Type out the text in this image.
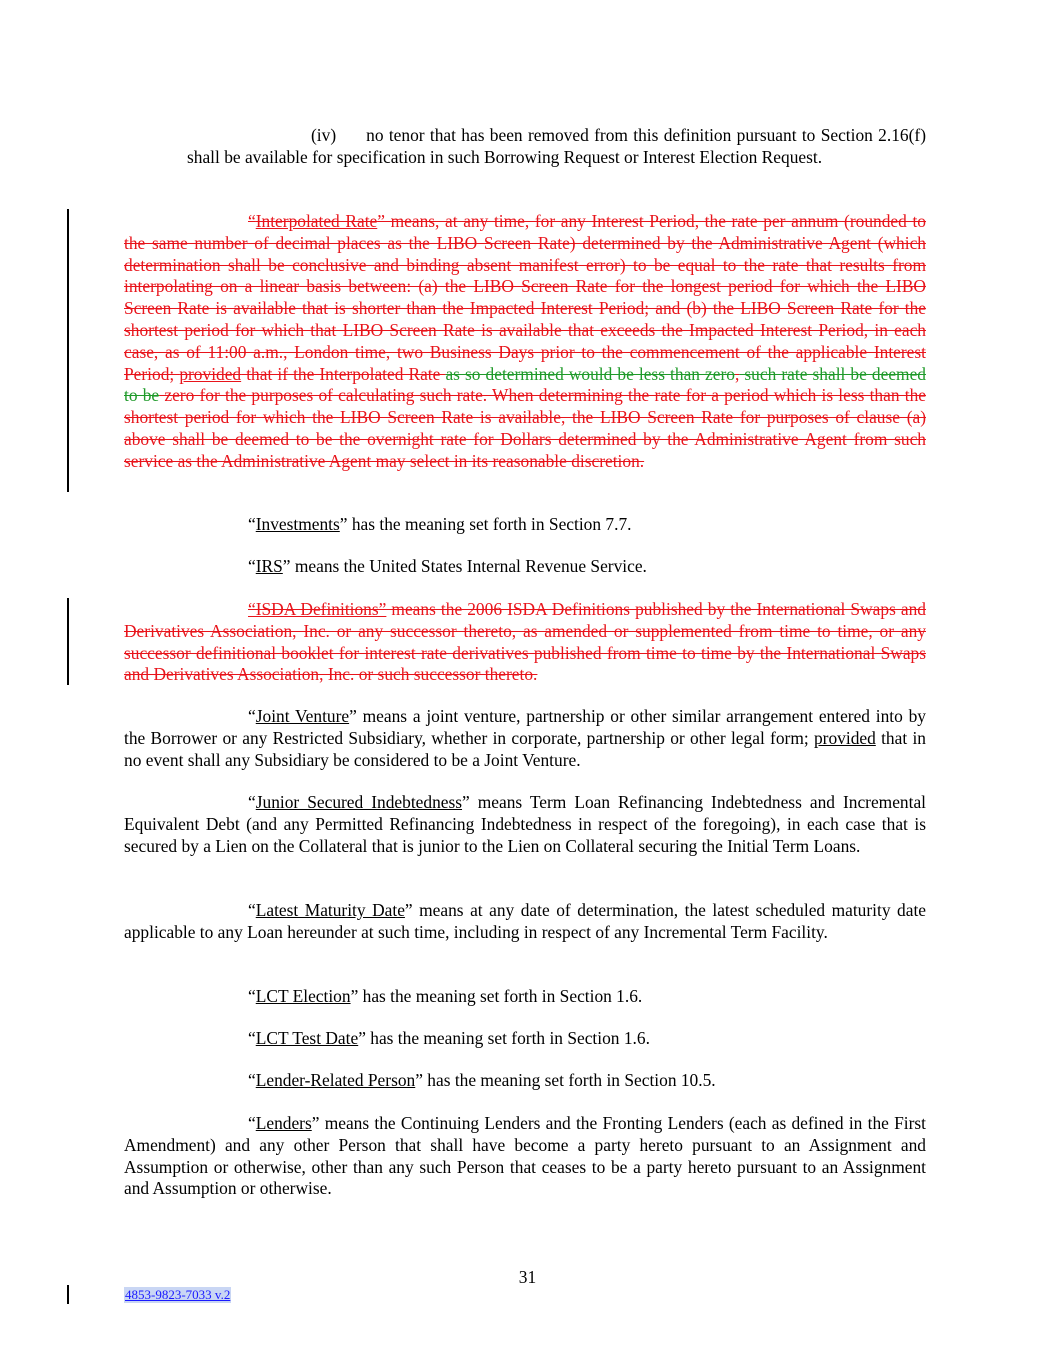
(iv) no tenor that has been removed from this definition pursuant to Section 2.16(f) shall be available for specification in such Borrowing Request or Interest Election Request.

“Interpolated Rate” means, at any time, for any Interest Period, the rate per annum (rounded to the same number of decimal places as the LIBO Screen Rate) determined by the Administrative Agent (which determination shall be conclusive and binding absent manifest error) to be equal to the rate that results from interpolating on a linear basis between: (a) the LIBO Screen Rate for the longest period for which the LIBO Screen Rate is available that is shorter than the Impacted Interest Period; and (b) the LIBO Screen Rate for the shortest period for which that LIBO Screen Rate is available that exceeds the Impacted Interest Period, in each case, as of 11:00 a.m., London time, two Business Days prior to the commencement of the applicable Interest Period; provided that if the Interpolated Rate as so determined would be less than zero, such rate shall be deemed to be zero for the purposes of calculating such rate. When determining the rate for a period which is less than the shortest period for which the LIBO Screen Rate is available, the LIBO Screen Rate for purposes of clause (a) above shall be deemed to be the overnight rate for Dollars determined by the Administrative Agent from such service as the Administrative Agent may select in its reasonable discretion.

“Investments” has the meaning set forth in Section 7.7.

“IRS” means the United States Internal Revenue Service.

“ISDA Definitions” means the 2006 ISDA Definitions published by the International Swaps and Derivatives Association, Inc. or any successor thereto, as amended or supplemented from time to time, or any successor definitional booklet for interest rate derivatives published from time to time by the International Swaps and Derivatives Association, Inc. or such successor thereto.

“Joint Venture” means a joint venture, partnership or other similar arrangement entered into by the Borrower or any Restricted Subsidiary, whether in corporate, partnership or other legal form; provided that in no event shall any Subsidiary be considered to be a Joint Venture.

“Junior Secured Indebtedness” means Term Loan Refinancing Indebtedness and Incremental Equivalent Debt (and any Permitted Refinancing Indebtedness in respect of the foregoing), in each case that is secured by a Lien on the Collateral that is junior to the Lien on Collateral securing the Initial Term Loans.

“Latest Maturity Date” means at any date of determination, the latest scheduled maturity date applicable to any Loan hereunder at such time, including in respect of any Incremental Term Facility.

“LCT Election” has the meaning set forth in Section 1.6.

“LCT Test Date” has the meaning set forth in Section 1.6.

“Lender-Related Person” has the meaning set forth in Section 10.5.

“Lenders” means the Continuing Lenders and the Fronting Lenders (each as defined in the First Amendment) and any other Person that shall have become a party hereto pursuant to an Assignment and Assumption or otherwise, other than any such Person that ceases to be a party hereto pursuant to an Assignment and Assumption or otherwise.

31
4853-9823-7033 v.2
